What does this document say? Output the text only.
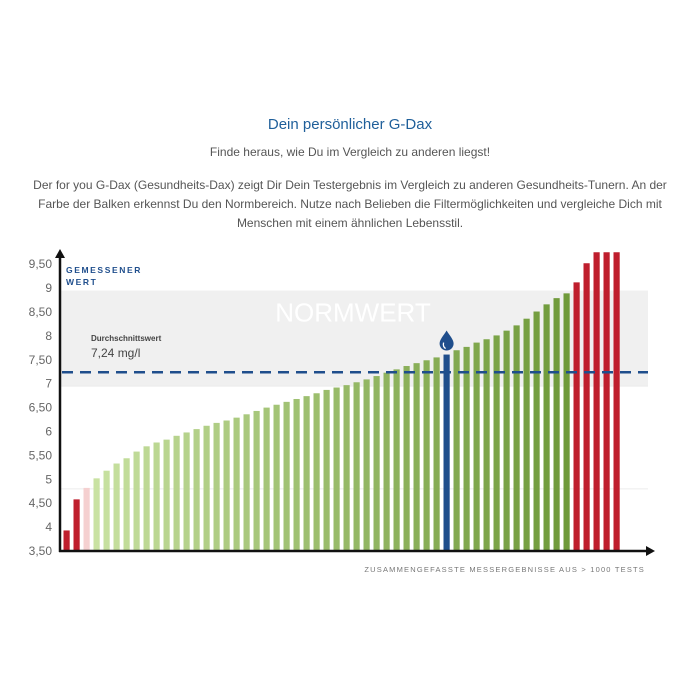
Dein persönlicher G-Dax
Finde heraus, wie Du im Vergleich zu anderen liegst!
Der for you G-Dax (Gesundheits-Dax) zeigt Dir Dein Testergebnis im Vergleich zu anderen Gesundheits-Tunern. An der Farbe der Balken erkennst Du den Normbereich. Nutze nach Belieben die Filtermöglichkeiten und vergleiche Dich mit Menschen mit einem ähnlichen Lebensstil.
NORMWERT
Durchschnittswert
7,24 mg/l
3,50
4
4,50
5
5,50
6
6,50
7
7,50
8
8,50
9
9,50 GEMESSENER
WERT
ZUSAMMENGEFASSTE MESSERGEBNISSE AUS > 1000 TESTS
